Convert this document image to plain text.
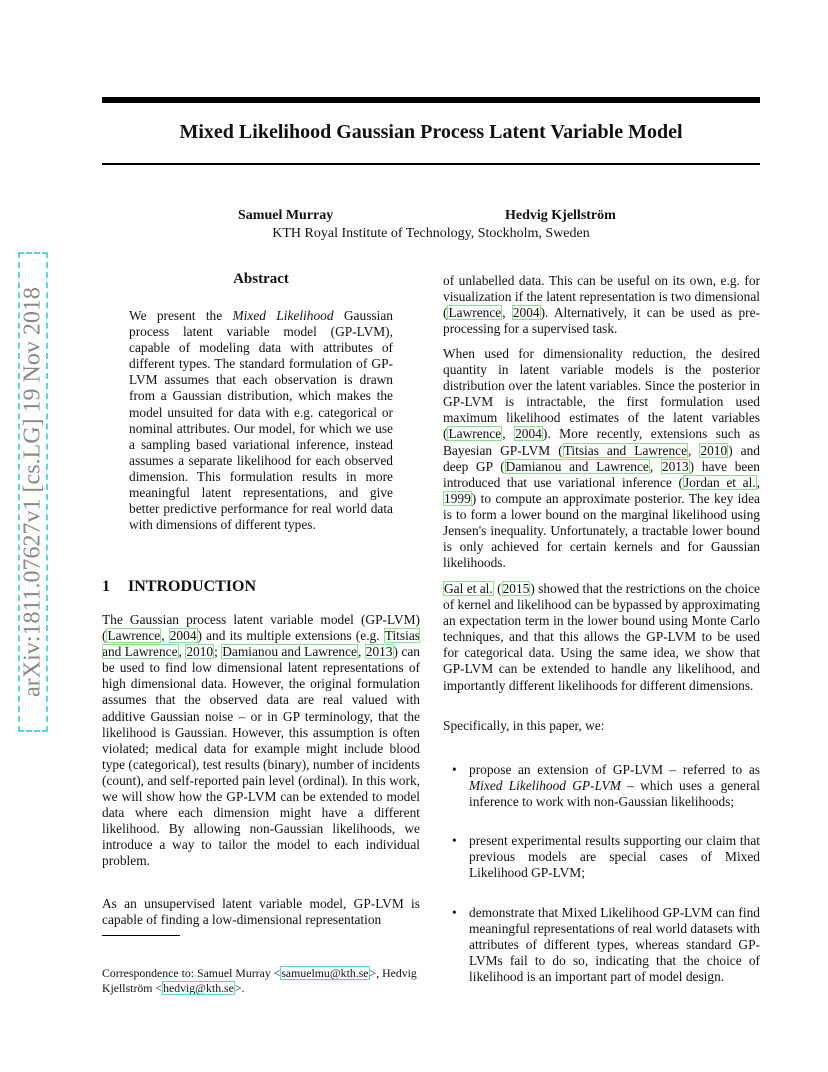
arXiv:1811.07627v1 [cs.LG] 19 Nov 2018
Mixed Likelihood Gaussian Process Latent Variable Model
Samuel Murray	Hedvig Kjellström
KTH Royal Institute of Technology, Stockholm, Sweden
Abstract
We present the Mixed Likelihood Gaussian process latent variable model (GP-LVM), capable of modeling data with attributes of different types. The standard formulation of GP-LVM assumes that each observation is drawn from a Gaussian distribution, which makes the model unsuited for data with e.g. categorical or nominal attributes. Our model, for which we use a sampling based variational inference, instead assumes a separate likelihood for each observed dimension. This formulation results in more meaningful latent representations, and give better predictive performance for real world data with dimensions of different types.
1 INTRODUCTION

The Gaussian process latent variable model (GP-LVM) (Lawrence, 2004) and its multiple extensions (e.g. Titsias and Lawrence, 2010; Damianou and Lawrence, 2013) can be used to find low dimensional latent representations of high dimensional data. However, the original formulation assumes that the observed data are real valued with additive Gaussian noise – or in GP terminology, that the likelihood is Gaussian. However, this assumption is often violated; medical data for example might include blood type (categorical), test results (binary), number of incidents (count), and self-reported pain level (ordinal). In this work, we will show how the GP-LVM can be extended to model data where each dimension might have a different likelihood. By allowing non-Gaussian likelihoods, we introduce a way to tailor the model to each individual problem.

As an unsupervised latent variable model, GP-LVM is capable of finding a low-dimensional representation

Correspondence to: Samuel Murray <samuelmu@kth.se>, Hedvig Kjellström <hedvig@kth.se>.

of unlabelled data. This can be useful on its own, e.g. for visualization if the latent representation is two dimensional (Lawrence, 2004). Alternatively, it can be used as pre-processing for a supervised task.

When used for dimensionality reduction, the desired quantity in latent variable models is the posterior distribution over the latent variables. Since the posterior in GP-LVM is intractable, the first formulation used maximum likelihood estimates of the latent variables (Lawrence, 2004). More recently, extensions such as Bayesian GP-LVM (Titsias and Lawrence, 2010) and deep GP (Damianou and Lawrence, 2013) have been introduced that use variational inference (Jordan et al., 1999) to compute an approximate posterior. The key idea is to form a lower bound on the marginal likelihood using Jensen's inequality. Unfortunately, a tractable lower bound is only achieved for certain kernels and for Gaussian likelihoods.

Gal et al. (2015) showed that the restrictions on the choice of kernel and likelihood can be bypassed by approximating an expectation term in the lower bound using Monte Carlo techniques, and that this allows the GP-LVM to be used for categorical data. Using the same idea, we show that GP-LVM can be extended to handle any likelihood, and importantly different likelihoods for different dimensions.

Specifically, in this paper, we:

• propose an extension of GP-LVM – referred to as Mixed Likelihood GP-LVM – which uses a general inference to work with non-Gaussian likelihoods;
• present experimental results supporting our claim that previous models are special cases of Mixed Likelihood GP-LVM;
• demonstrate that Mixed Likelihood GP-LVM can find meaningful representations of real world datasets with attributes of different types, whereas standard GP-LVMs fail to do so, indicating that the choice of likelihood is an important part of model design.
